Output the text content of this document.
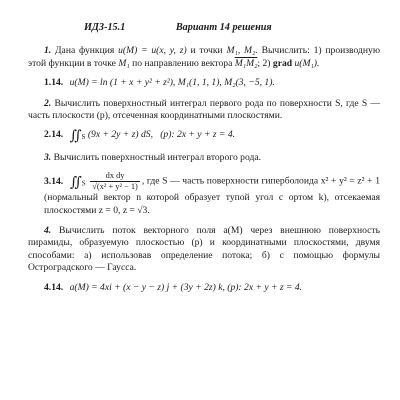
ИДЗ-15.1	Вариант 14 решения

1. Дана функция u(M) = u(x, y, z) и точки M₁, M₂. Вычислить: 1) производную этой функции в точке M₁ по направлению вектора M₁M₂; 2) grad u(M₁).

1.14. u(M) = ln (1 + x + y² + z²), M₁(1, 1, 1), M₂(3, −5, 1).

2. Вычислить поверхностный интеграл первого рода по поверхности S, где S — часть плоскости (p), отсеченная координатными плоскостями.

2.14. $∬_S$ (9x + 2y + z) dS, (p): 2x + y + z = 4.

3. Вычислить поверхностный интеграл второго рода.

3.14. $∬_S \frac{\text{dx dy}}{\text{√(x² + y² − 1)}}$ , где S — часть поверхности гиперболоида x² + y² = z² + 1 (нормальный вектор n которой образует тупой угол с ортом k), отсекаемая плоскостями z = 0, z = √3.

4. Вычислить поток векторного поля a(M) через внешнюю поверхность пирамиды, образуемую плоскостью (p) и координатными плоскостями, двумя способами: а) использовав определение потока; б) с помощью формулы Остроградского — Гаусса.

4.14. a(M) = 4xi + (x − y − z) j + (3y + 2z) k, (p): 2x + y + z = 4.
